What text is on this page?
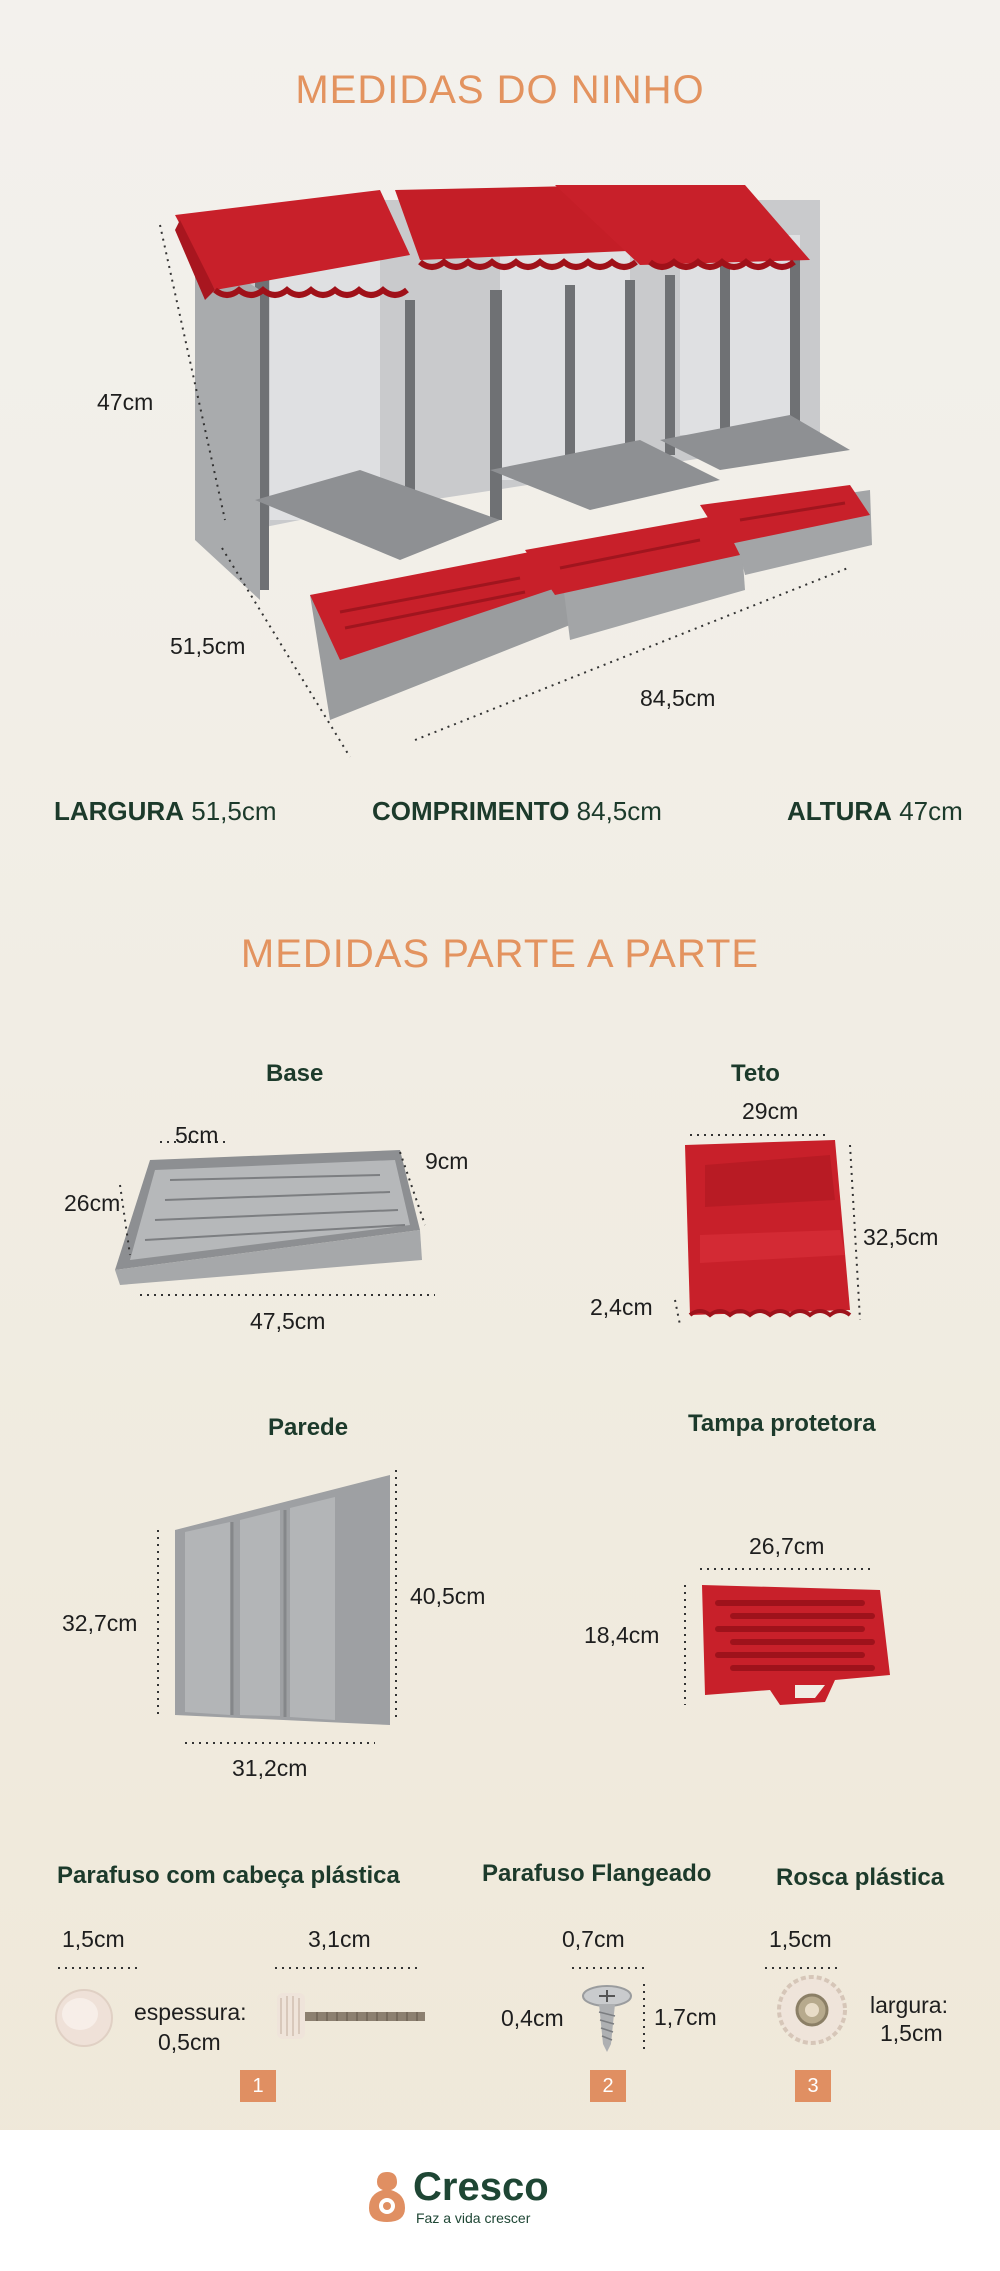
MEDIDAS DO NINHO
47cm
51,5cm
84,5cm
LARGURA 51,5cm	COMPRIMENTO 84,5cm	ALTURA 47cm
MEDIDAS PARTE A PARTE
Base
5cm
9cm
26cm
47,5cm
Teto
29cm
32,5cm
2,4cm
Parede
32,7cm
40,5cm
31,2cm
Tampa protetora
26,7cm
18,4cm
Parafuso com cabeça plástica	Parafuso Flangeado	Rosca plástica
1,5cm	3,1cm
espessura:
0,5cm
1
0,7cm
0,4cm	1,7cm
2
1,5cm
largura:
1,5cm
3
Cresco
Faz a vida crescer
